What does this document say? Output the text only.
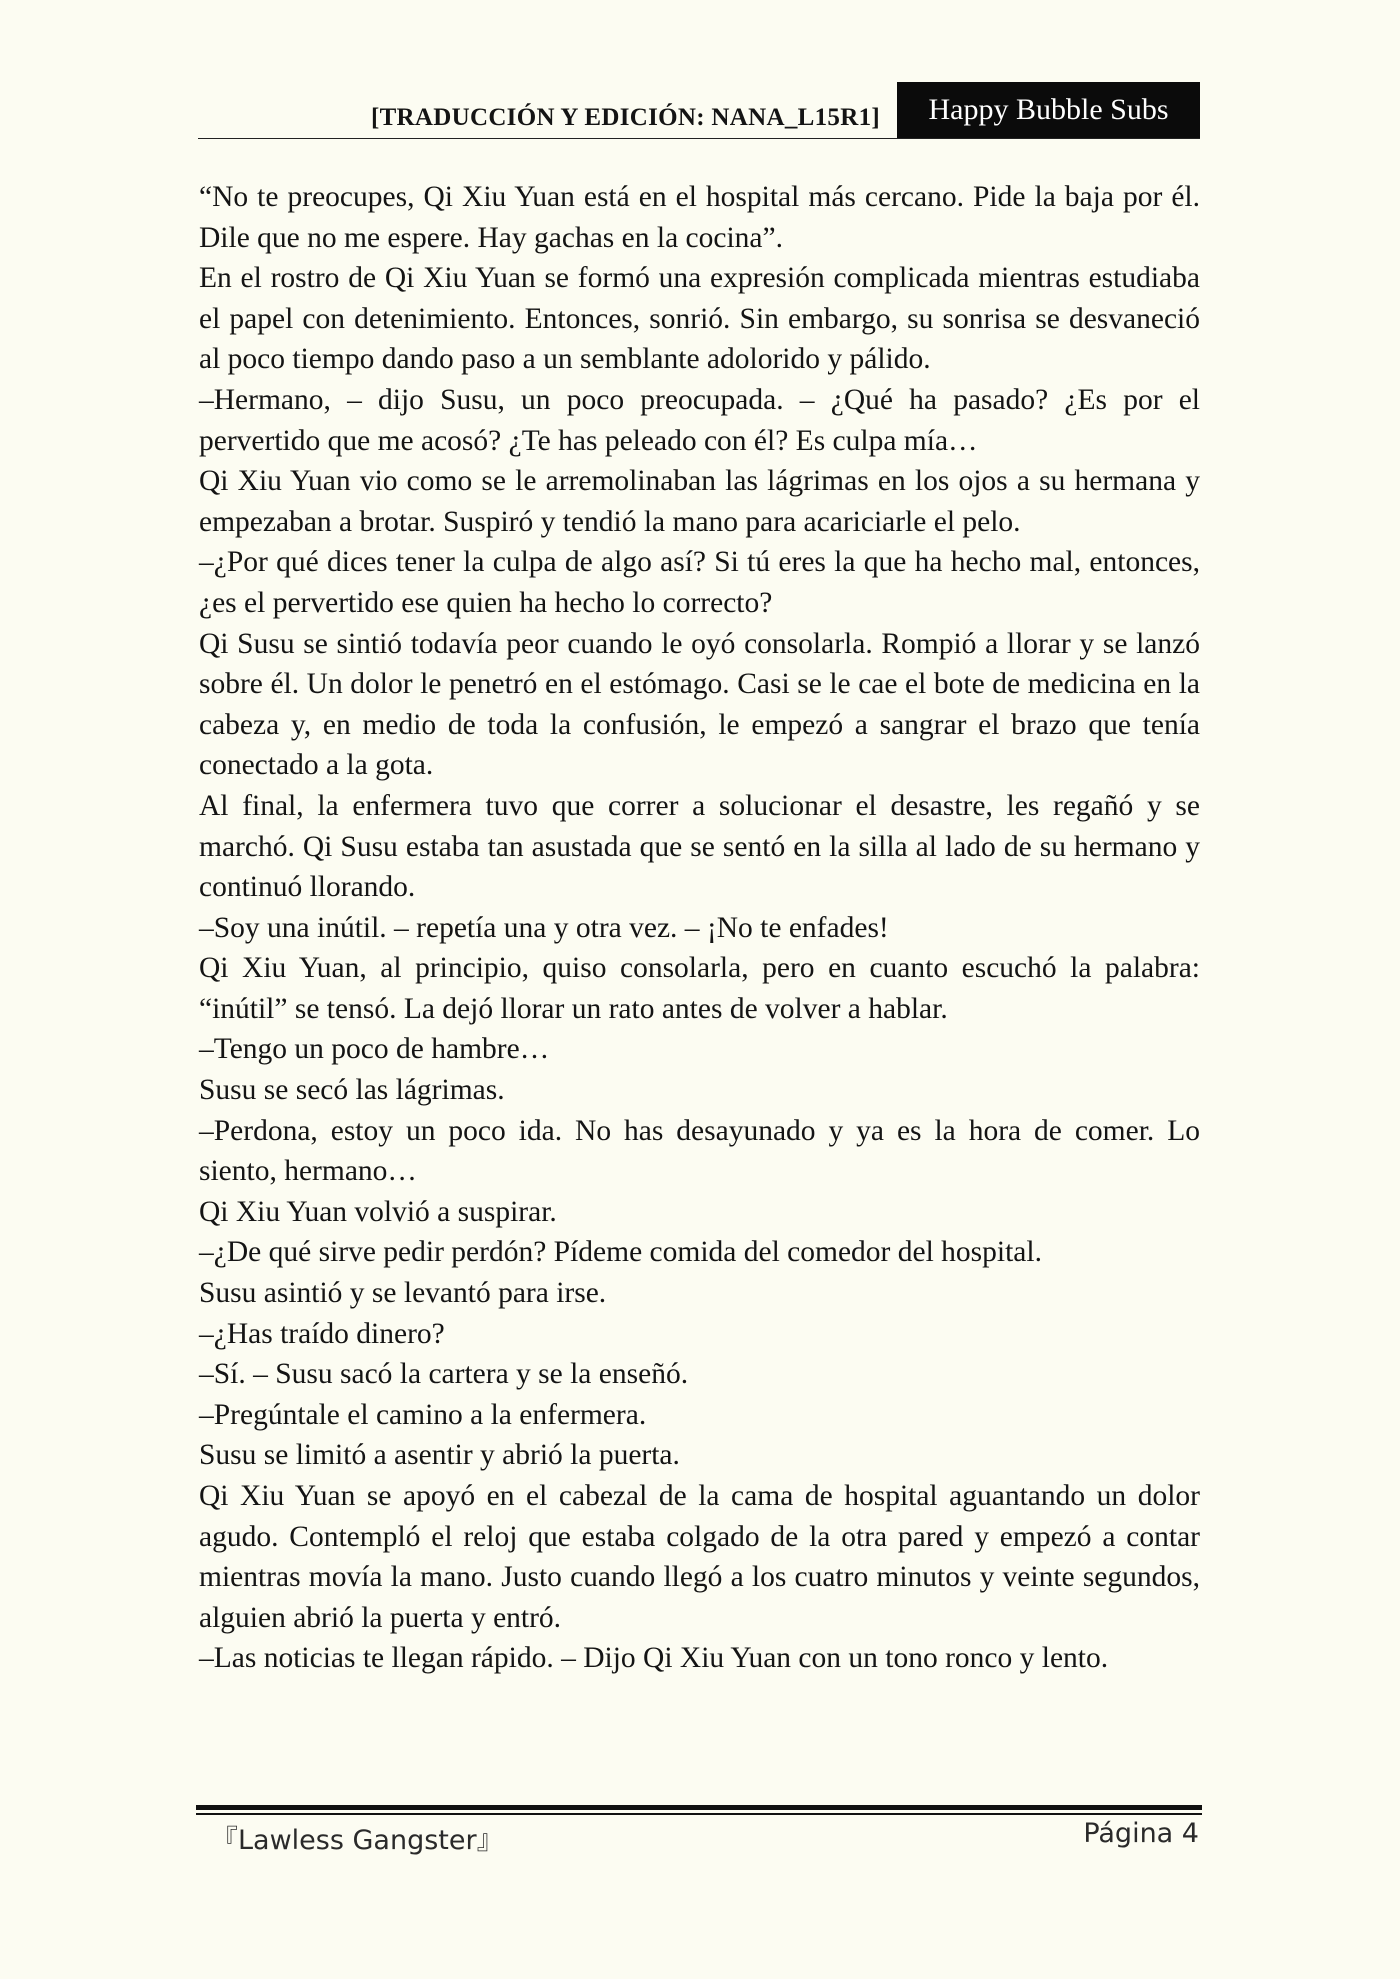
[TRADUCCIÓN Y EDICIÓN: NANA_L15R1]	Happy Bubble Subs

“No te preocupes, Qi Xiu Yuan está en el hospital más cercano. Pide la baja por él. Dile que no me espere. Hay gachas en la cocina”.

En el rostro de Qi Xiu Yuan se formó una expresión complicada mientras estudiaba el papel con detenimiento. Entonces, sonrió. Sin embargo, su sonrisa se desvaneció al poco tiempo dando paso a un semblante adolorido y pálido.

–Hermano, – dijo Susu, un poco preocupada. – ¿Qué ha pasado? ¿Es por el pervertido que me acosó? ¿Te has peleado con él? Es culpa mía…

Qi Xiu Yuan vio como se le arremolinaban las lágrimas en los ojos a su hermana y empezaban a brotar. Suspiró y tendió la mano para acariciarle el pelo.

–¿Por qué dices tener la culpa de algo así? Si tú eres la que ha hecho mal, entonces, ¿es el pervertido ese quien ha hecho lo correcto?

Qi Susu se sintió todavía peor cuando le oyó consolarla. Rompió a llorar y se lanzó sobre él. Un dolor le penetró en el estómago. Casi se le cae el bote de medicina en la cabeza y, en medio de toda la confusión, le empezó a sangrar el brazo que tenía conectado a la gota.

Al final, la enfermera tuvo que correr a solucionar el desastre, les regañó y se marchó. Qi Susu estaba tan asustada que se sentó en la silla al lado de su hermano y continuó llorando.

–Soy una inútil. – repetía una y otra vez. – ¡No te enfades!

Qi Xiu Yuan, al principio, quiso consolarla, pero en cuanto escuchó la palabra: “inútil” se tensó. La dejó llorar un rato antes de volver a hablar.

–Tengo un poco de hambre…

Susu se secó las lágrimas.

–Perdona, estoy un poco ida. No has desayunado y ya es la hora de comer. Lo siento, hermano…

Qi Xiu Yuan volvió a suspirar.

–¿De qué sirve pedir perdón? Pídeme comida del comedor del hospital.

Susu asintió y se levantó para irse.

–¿Has traído dinero?

–Sí. – Susu sacó la cartera y se la enseñó.

–Pregúntale el camino a la enfermera.

Susu se limitó a asentir y abrió la puerta.

Qi Xiu Yuan se apoyó en el cabezal de la cama de hospital aguantando un dolor agudo. Contempló el reloj que estaba colgado de la otra pared y empezó a contar mientras movía la mano. Justo cuando llegó a los cuatro minutos y veinte segundos, alguien abrió la puerta y entró.

–Las noticias te llegan rápido. – Dijo Qi Xiu Yuan con un tono ronco y lento.

『Lawless Gangster』	Página 4
